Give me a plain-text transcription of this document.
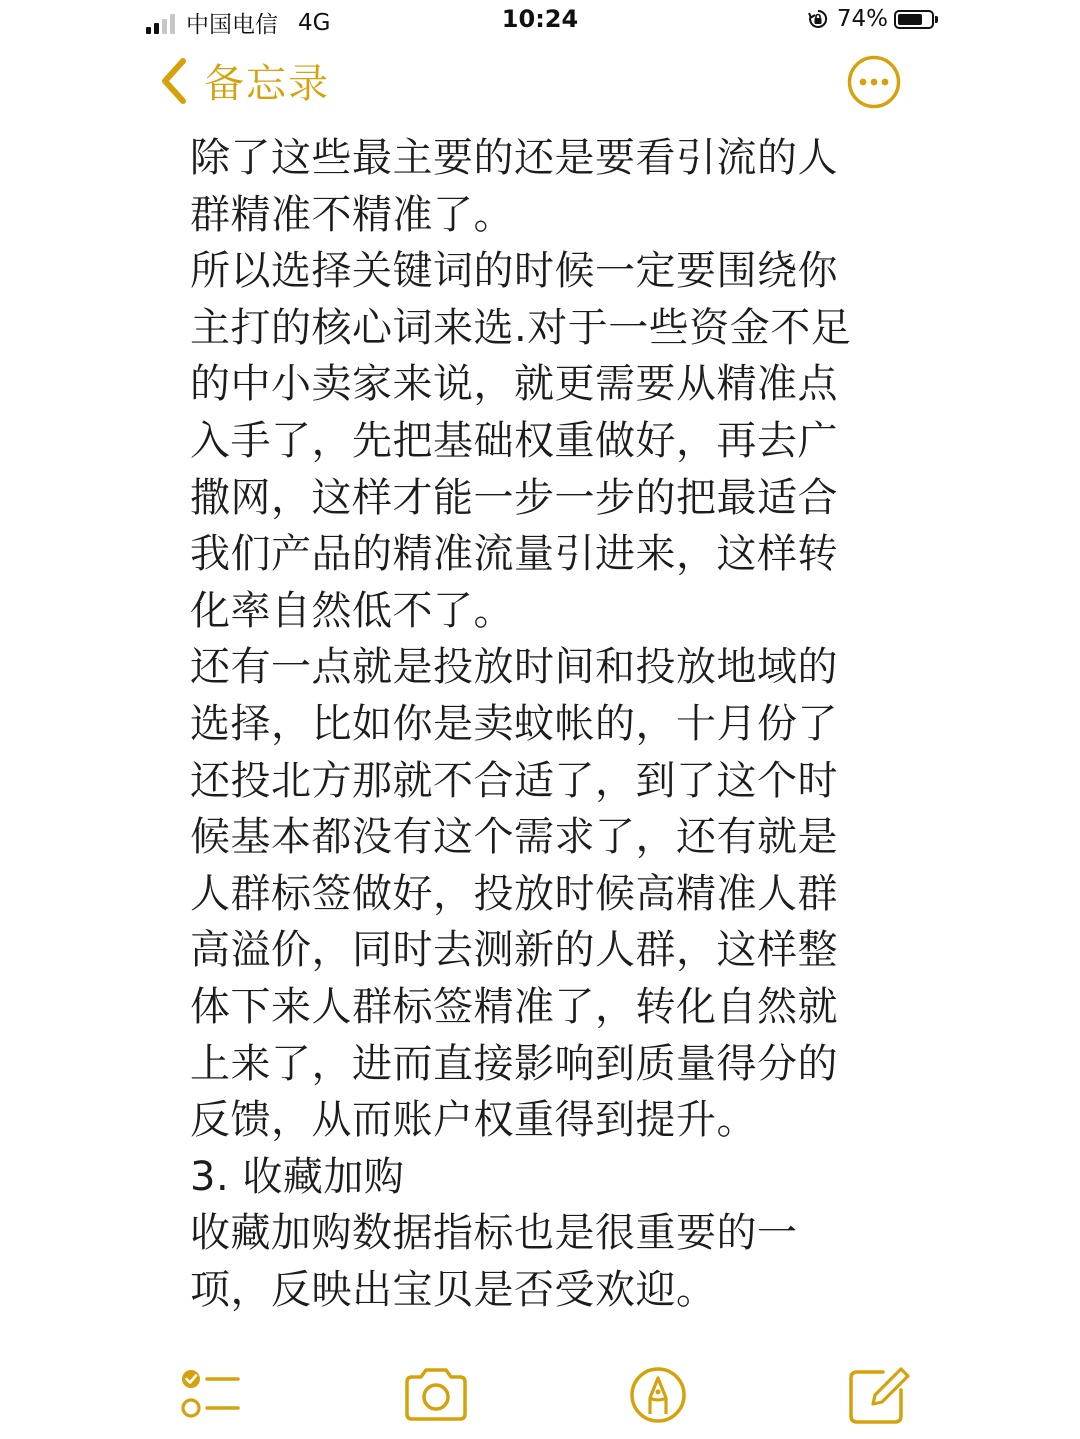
中国电信 4G	10:24	74%
备忘录
除了这些最主要的还是要看引流的人
群精准不精准了。
所以选择关键词的时候一定要围绕你
主打的核心词来选.对于一些资金不足
的中小卖家来说，就更需要从精准点
入手了，先把基础权重做好，再去广
撒网，这样才能一步一步的把最适合
我们产品的精准流量引进来，这样转
化率自然低不了。
还有一点就是投放时间和投放地域的
选择，比如你是卖蚊帐的，十月份了
还投北方那就不合适了，到了这个时
候基本都没有这个需求了，还有就是
人群标签做好，投放时候高精准人群
高溢价，同时去测新的人群，这样整
体下来人群标签精准了，转化自然就
上来了，进而直接影响到质量得分的
反馈，从而账户权重得到提升。
3. 收藏加购
收藏加购数据指标也是很重要的一
项，反映出宝贝是否受欢迎。
